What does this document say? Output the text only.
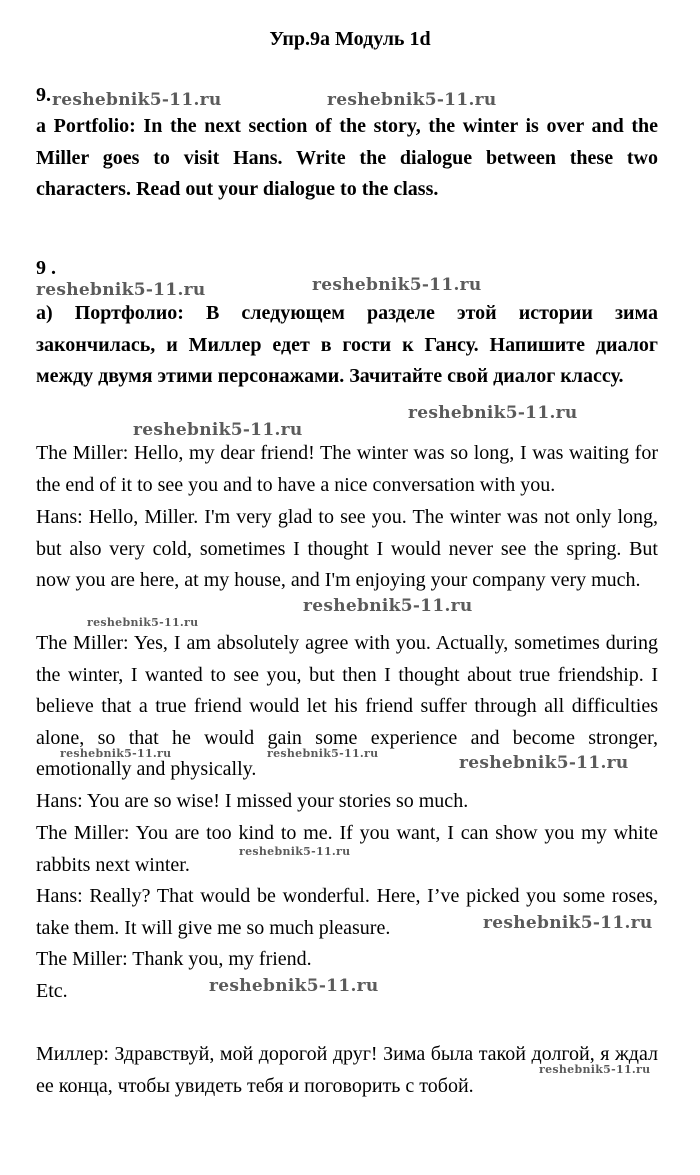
Упр.9a Модуль 1d
9.
a Portfolio: In the next section of the story, the winter is over and the Miller goes to visit Hans. Write the dialogue between these two characters. Read out your dialogue to the class.
9 .
а) Портфолио: В следующем разделе этой истории зима закончилась, и Миллер едет в гости к Гансу. Напишите диалог между двумя этими персонажами. Зачитайте свой диалог классу.
The Miller: Hello, my dear friend! The winter was so long, I was waiting for the end of it to see you and to have a nice conversation with you.
Hans: Hello, Miller. I'm very glad to see you. The winter was not only long, but also very cold, sometimes I thought I would never see the spring. But now you are here, at my house, and I'm enjoying your company very much.
The Miller: Yes, I am absolutely agree with you. Actually, sometimes during the winter, I wanted to see you, but then I thought about true friendship. I believe that a true friend would let his friend suffer through all difficulties alone, so that he would gain some experience and become stronger, emotionally and physically.
Hans: You are so wise! I missed your stories so much.
The Miller: You are too kind to me. If you want, I can show you my white rabbits next winter.
Hans: Really? That would be wonderful. Here, I’ve picked you some roses, take them. It will give me so much pleasure.
The Miller: Thank you, my friend.
Etc.
Миллер: Здравствуй, мой дорогой друг! Зима была такой долгой, я ждал ее конца, чтобы увидеть тебя и поговорить с тобой.
reshebnik5-11.ru	reshebnik5-11.ru
reshebnik5-11.ru	reshebnik5-11.ru
reshebnik5-11.ru
reshebnik5-11.ru
reshebnik5-11.ru
reshebnik5-11.ru
reshebnik5-11.ru	reshebnik5-11.ru	reshebnik5-11.ru
reshebnik5-11.ru
reshebnik5-11.ru
reshebnik5-11.ru
reshebnik5-11.ru
